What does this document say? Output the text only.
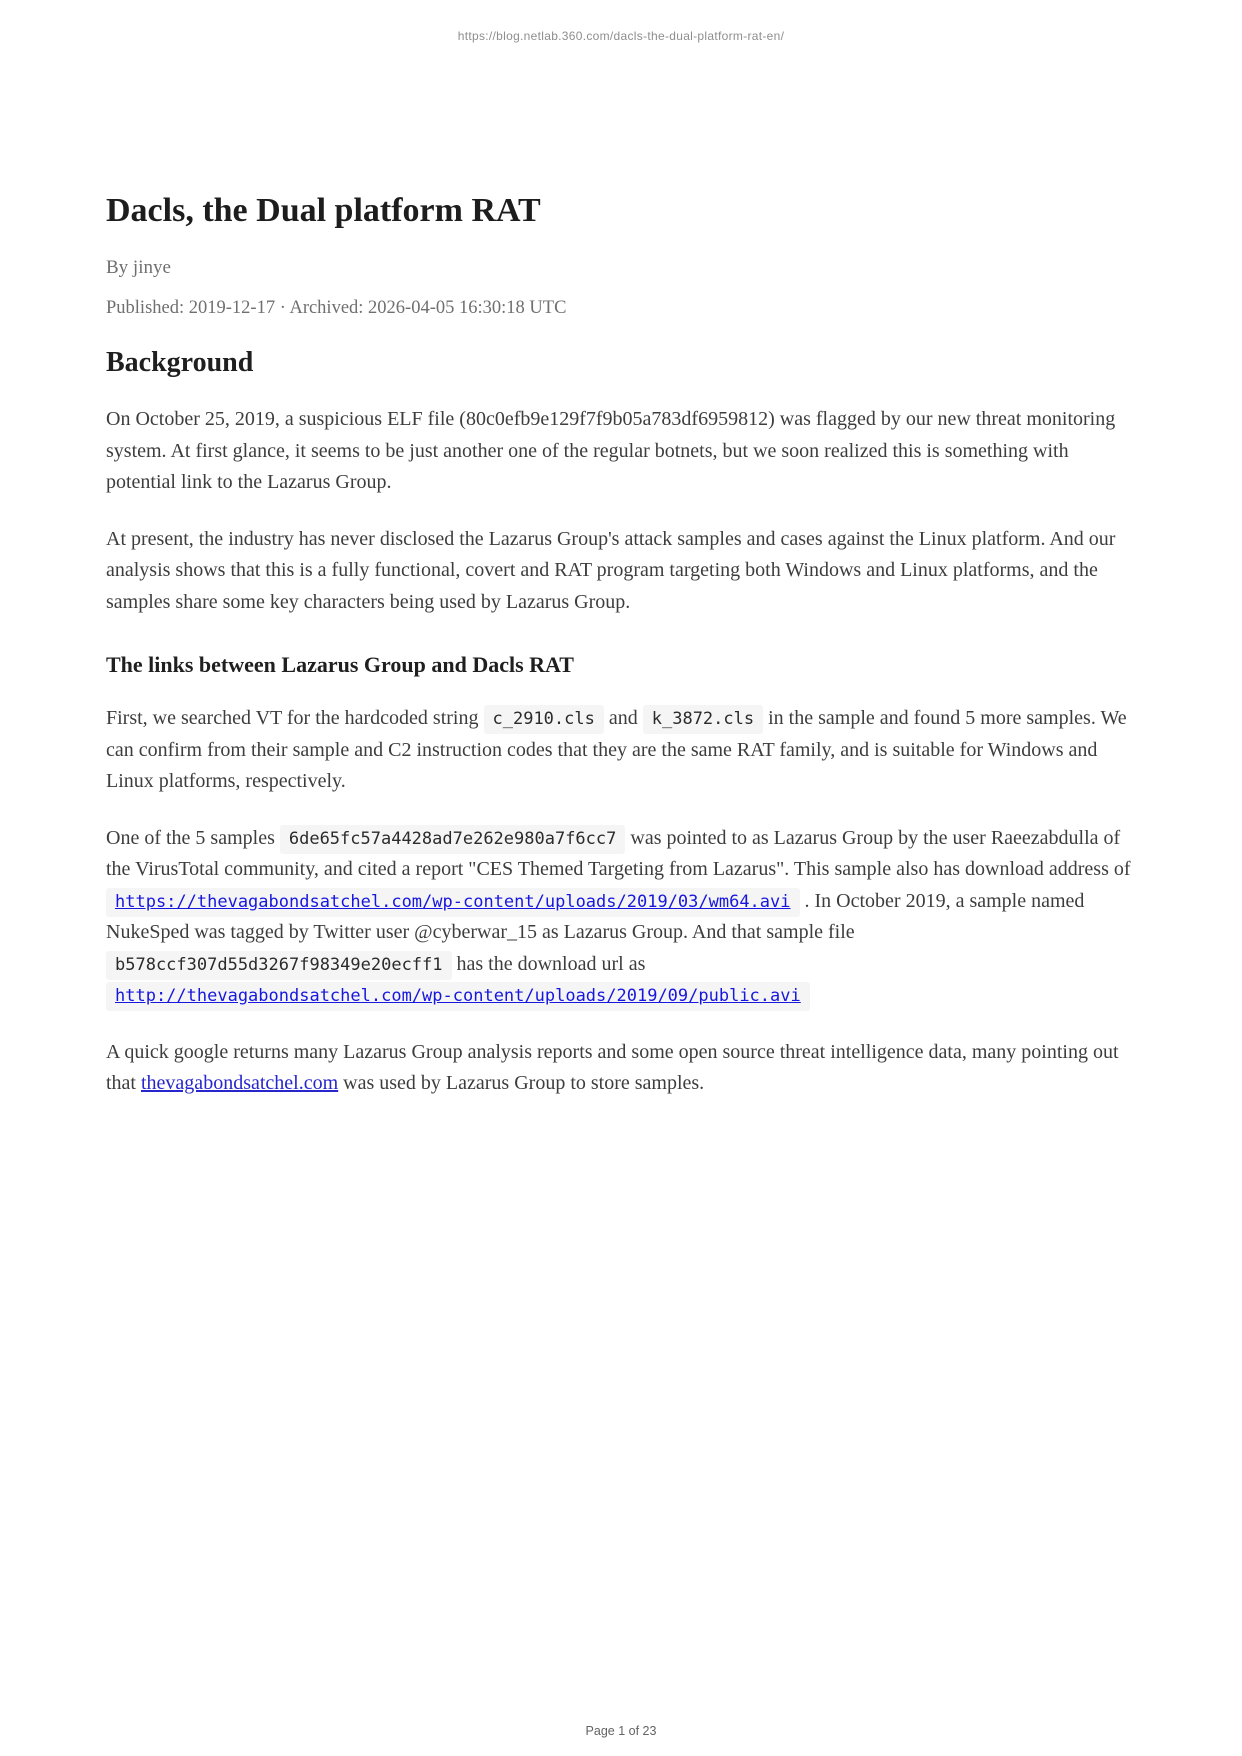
https://blog.netlab.360.com/dacls-the-dual-platform-rat-en/
Dacls, the Dual platform RAT
By jinye
Published: 2019-12-17 · Archived: 2026-04-05 16:30:18 UTC
Background

On October 25, 2019, a suspicious ELF file (80c0efb9e129f7f9b05a783df6959812) was flagged by our new threat monitoring system. At first glance, it seems to be just another one of the regular botnets, but we soon realized this is something with potential link to the Lazarus Group.

At present, the industry has never disclosed the Lazarus Group's attack samples and cases against the Linux platform. And our analysis shows that this is a fully functional, covert and RAT program targeting both Windows and Linux platforms, and the samples share some key characters being used by Lazarus Group.

The links between Lazarus Group and Dacls RAT

First, we searched VT for the hardcoded string c_2910.cls and k_3872.cls in the sample and found 5 more samples. We can confirm from their sample and C2 instruction codes that they are the same RAT family, and is suitable for Windows and Linux platforms, respectively.

One of the 5 samples 6de65fc57a4428ad7e262e980a7f6cc7 was pointed to as Lazarus Group by the user Raeezabdulla of the VirusTotal community, and cited a report "CES Themed Targeting from Lazarus". This sample also has download address of https://thevagabondsatchel.com/wp-content/uploads/2019/03/wm64.avi . In October 2019, a sample named NukeSped was tagged by Twitter user @cyberwar_15 as Lazarus Group. And that sample file b578ccf307d55d3267f98349e20ecff1 has the download url as http://thevagabondsatchel.com/wp-content/uploads/2019/09/public.avi

A quick google returns many Lazarus Group analysis reports and some open source threat intelligence data, many pointing out that thevagabondsatchel.com was used by Lazarus Group to store samples.

Page 1 of 23
